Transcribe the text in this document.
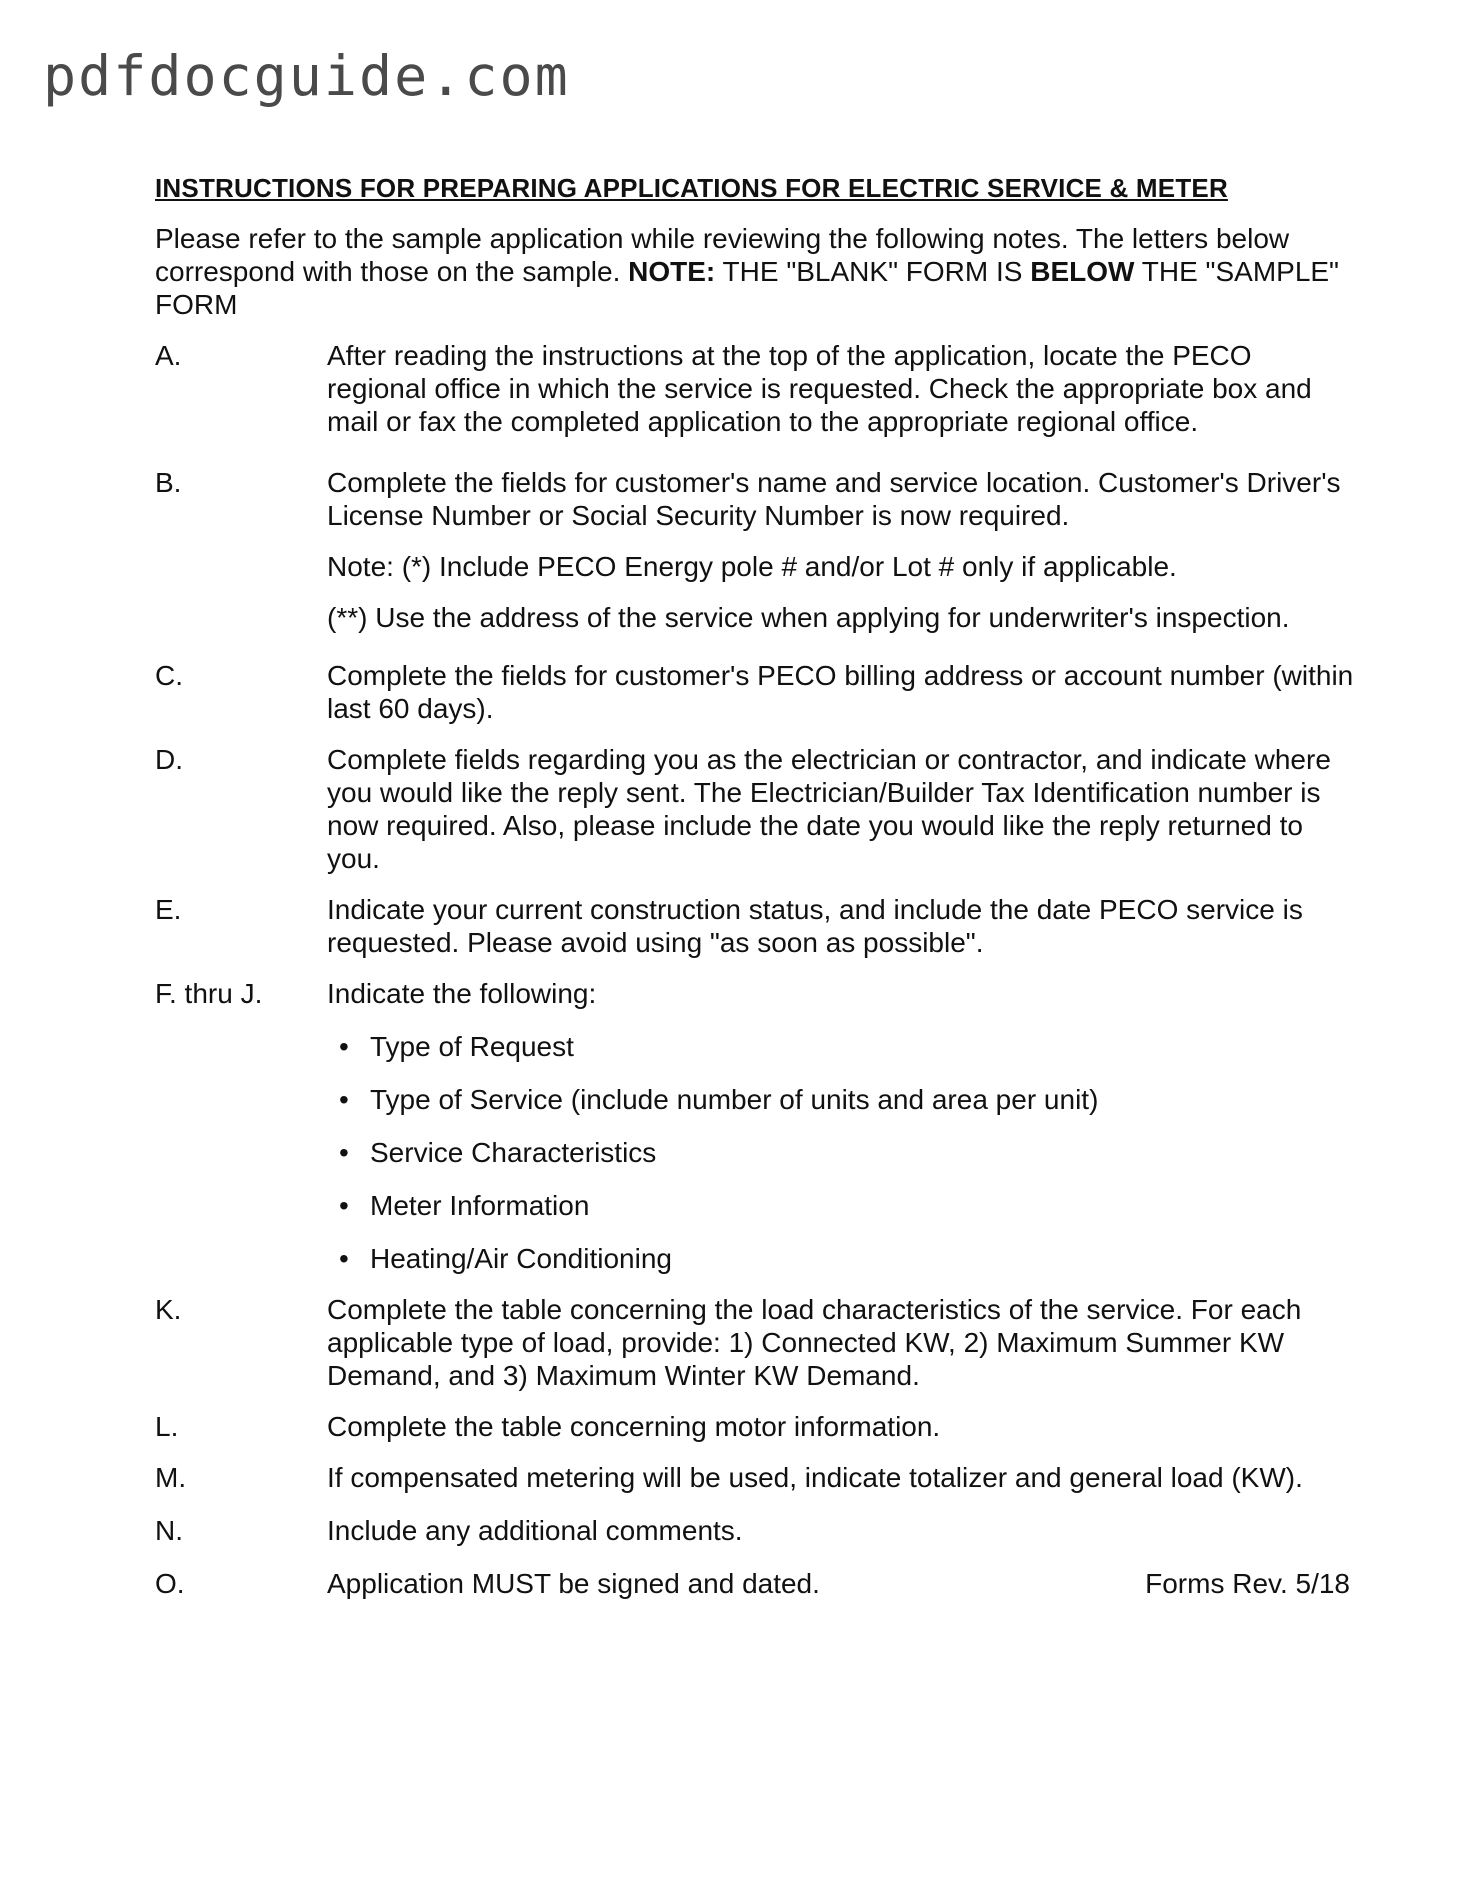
pdfdocguide.com
INSTRUCTIONS FOR PREPARING APPLICATIONS FOR ELECTRIC SERVICE & METER
Please refer to the sample application while reviewing the following notes. The letters below correspond with those on the sample. NOTE: THE "BLANK" FORM IS BELOW THE "SAMPLE" FORM
A.	After reading the instructions at the top of the application, locate the PECO regional office in which the service is requested. Check the appropriate box and mail or fax the completed application to the appropriate regional office.
B.	Complete the fields for customer's name and service location. Customer's Driver's License Number or Social Security Number is now required.
Note: (*) Include PECO Energy pole # and/or Lot # only if applicable.
(**) Use the address of the service when applying for underwriter's inspection.
C.	Complete the fields for customer's PECO billing address or account number (within last 60 days).
D.	Complete fields regarding you as the electrician or contractor, and indicate where you would like the reply sent. The Electrician/Builder Tax Identification number is now required. Also, please include the date you would like the reply returned to you.
E.	Indicate your current construction status, and include the date PECO service is requested. Please avoid using "as soon as possible".
F. thru J.	Indicate the following:
• Type of Request
• Type of Service (include number of units and area per unit)
• Service Characteristics
• Meter Information
• Heating/Air Conditioning
K.	Complete the table concerning the load characteristics of the service. For each applicable type of load, provide: 1) Connected KW, 2) Maximum Summer KW Demand, and 3) Maximum Winter KW Demand.
L.	Complete the table concerning motor information.
M.	If compensated metering will be used, indicate totalizer and general load (KW).
N.	Include any additional comments.
O.	Application MUST be signed and dated.	Forms Rev. 5/18
